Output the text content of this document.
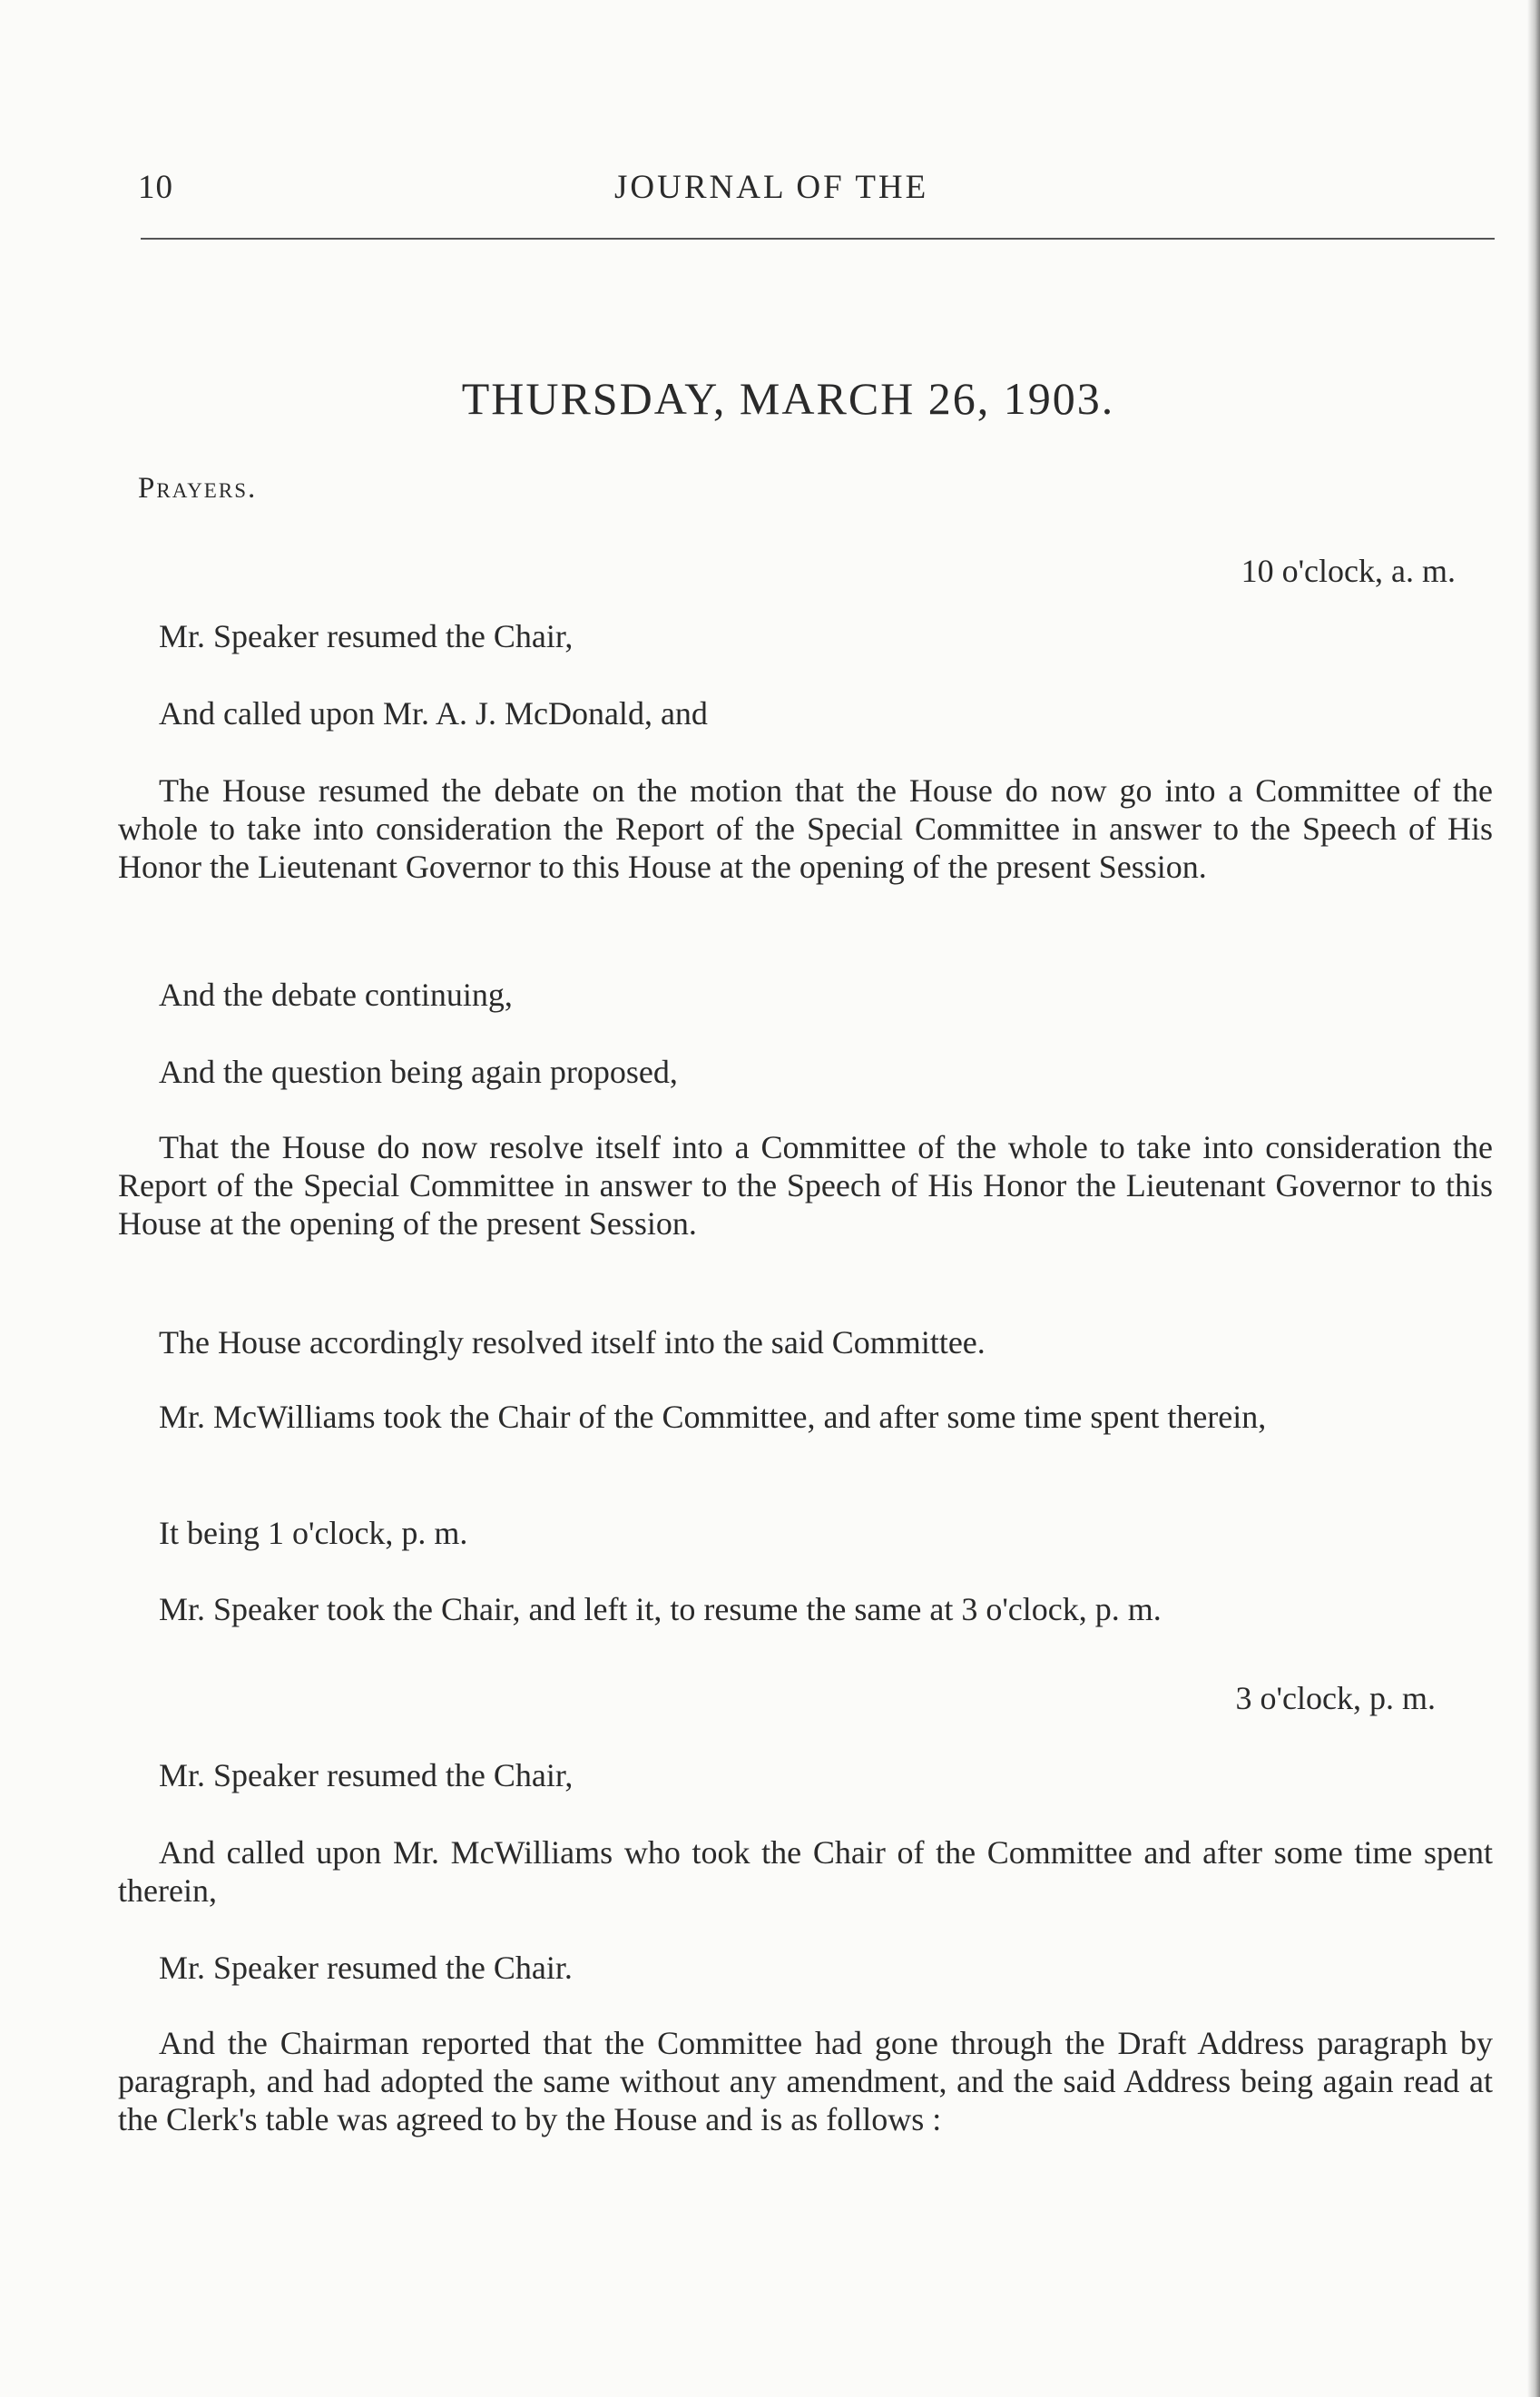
10	JOURNAL OF THE
THURSDAY, MARCH 26, 1903.
Prayers.
10 o'clock, a. m.

Mr. Speaker resumed the Chair,

And called upon Mr. A. J. McDonald, and

The House resumed the debate on the motion that the House do now go into a Committee of the whole to take into consideration the Report of the Special Committee in answer to the Speech of His Honor the Lieutenant Governor to this House at the opening of the present Session.

And the debate continuing,

And the question being again proposed,

That the House do now resolve itself into a Committee of the whole to take into consideration the Report of the Special Committee in answer to the Speech of His Honor the Lieutenant Governor to this House at the opening of the present Session.

The House accordingly resolved itself into the said Committee.

Mr. McWilliams took the Chair of the Committee, and after some time spent therein,

It being 1 o'clock, p. m.

Mr. Speaker took the Chair, and left it, to resume the same at 3 o'clock, p. m.

3 o'clock, p. m.

Mr. Speaker resumed the Chair,

And called upon Mr. McWilliams who took the Chair of the Committee and after some time spent therein,

Mr. Speaker resumed the Chair.

And the Chairman reported that the Committee had gone through the Draft Address paragraph by paragraph, and had adopted the same without any amendment, and the said Address being again read at the Clerk's table was agreed to by the House and is as follows :
